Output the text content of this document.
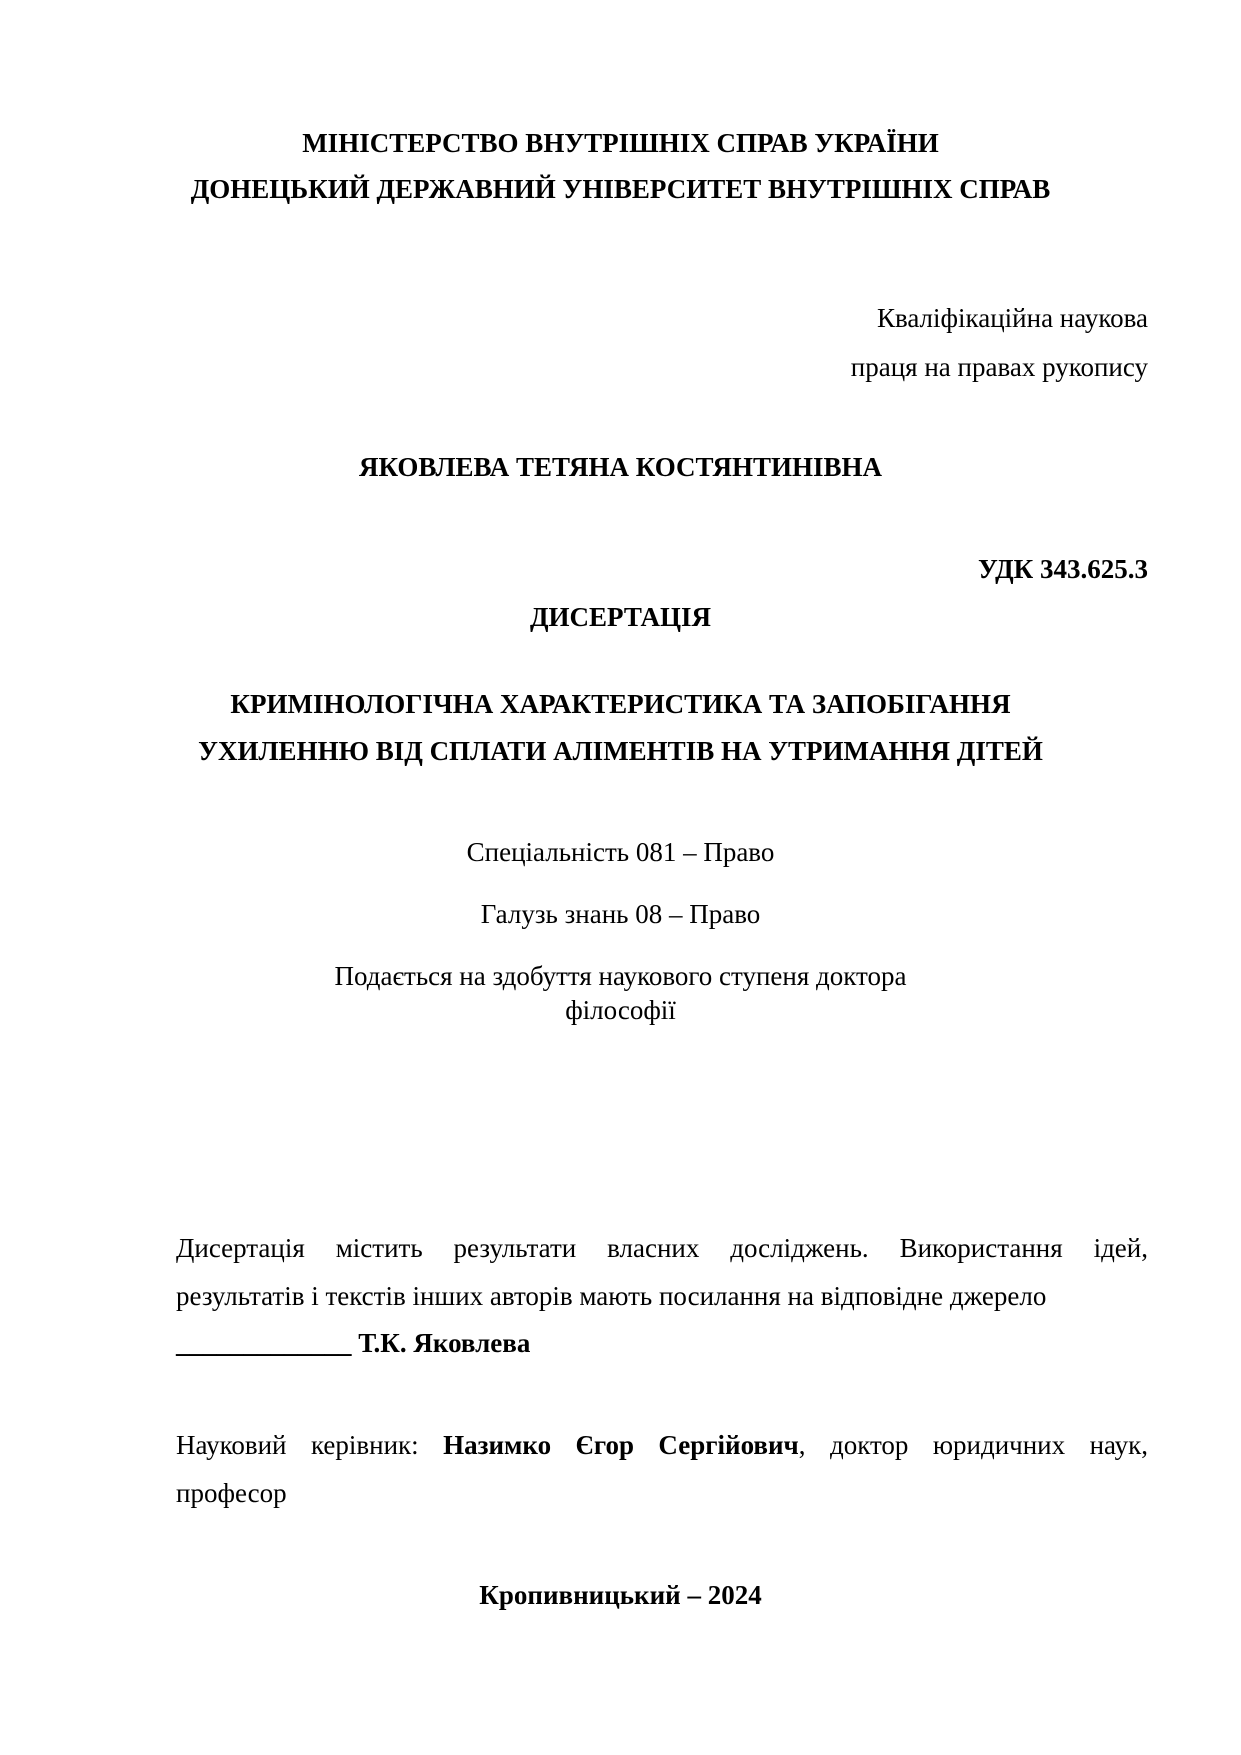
МІНІСТЕРСТВО ВНУТРІШНІХ СПРАВ УКРАЇНИ
ДОНЕЦЬКИЙ ДЕРЖАВНИЙ УНІВЕРСИТЕТ ВНУТРІШНІХ СПРАВ
Кваліфікаційна наукова
праця на правах рукопису
ЯКОВЛЕВА ТЕТЯНА КОСТЯНТИНІВНА
УДК 343.625.3
ДИСЕРТАЦІЯ
КРИМІНОЛОГІЧНА ХАРАКТЕРИСТИКА ТА ЗАПОБІГАННЯ
УХИЛЕННЮ ВІД СПЛАТИ АЛІМЕНТІВ НА УТРИМАННЯ ДІТЕЙ
Спеціальність 081 – Право
Галузь знань 08 – Право
Подається на здобуття наукового ступеня доктора
філософії
Дисертація містить результати власних досліджень. Використання ідей,
результатів і текстів інших авторів мають посилання на відповідне джерело
_____________ Т.К. Яковлева
Науковий керівник: Назимко Єгор Сергійович, доктор юридичних наук,
професор
Кропивницький – 2024
